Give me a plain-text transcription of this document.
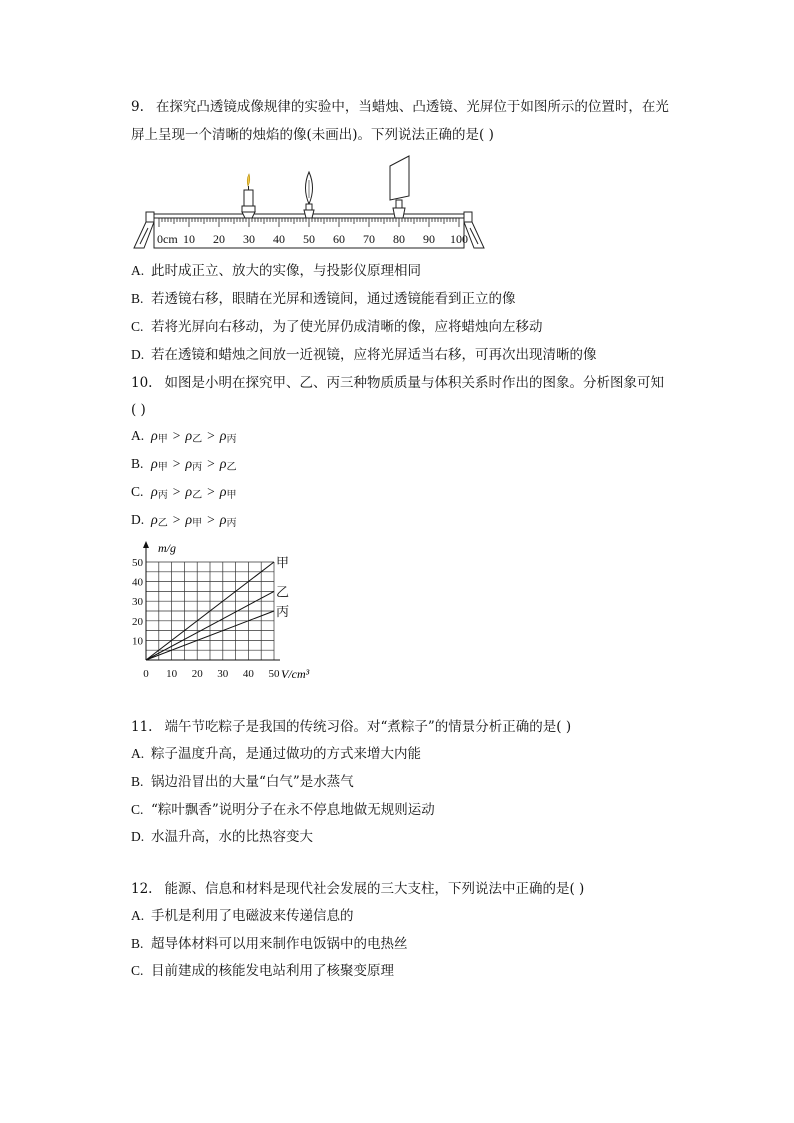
9. 在探究凸透镜成像规律的实验中，当蜡烛、凸透镜、光屏位于如图所示的位置时，在光
屏上呈现一个清晰的烛焰的像(未画出)。下列说法正确的是( )
0cm 10 20 30 40 50 60 70 80 90 100
A. 此时成正立、放大的实像，与投影仪原理相同
B. 若透镜右移，眼睛在光屏和透镜间，通过透镜能看到正立的像
C. 若将光屏向右移动，为了使光屏仍成清晰的像，应将蜡烛向左移动
D. 若在透镜和蜡烛之间放一近视镜，应将光屏适当右移，可再次出现清晰的像
10. 如图是小明在探究甲、乙、丙三种物质质量与体积关系时作出的图象。分析图象可知
( )
A. $\rho_甲 > \rho_乙 > \rho_丙$
B. $\rho_甲 > \rho_丙 > \rho_乙$
C. $\rho_丙 > \rho_乙 > \rho_甲$
D. $\rho_乙 > \rho_甲 > \rho_丙$
甲
乙
丙
0 10 20 30 40 50
10
20
30
40
50
m/g
V/cm³
11. 端午节吃粽子是我国的传统习俗。对“煮粽子”的情景分析正确的是( )
A. 粽子温度升高，是通过做功的方式来增大内能
B. 锅边沿冒出的大量“白气”是水蒸气
C. “粽叶飘香”说明分子在永不停息地做无规则运动
D. 水温升高，水的比热容变大
12. 能源、信息和材料是现代社会发展的三大支柱，下列说法中正确的是( )
A. 手机是利用了电磁波来传递信息的
B. 超导体材料可以用来制作电饭锅中的电热丝
C. 目前建成的核能发电站利用了核聚变原理
